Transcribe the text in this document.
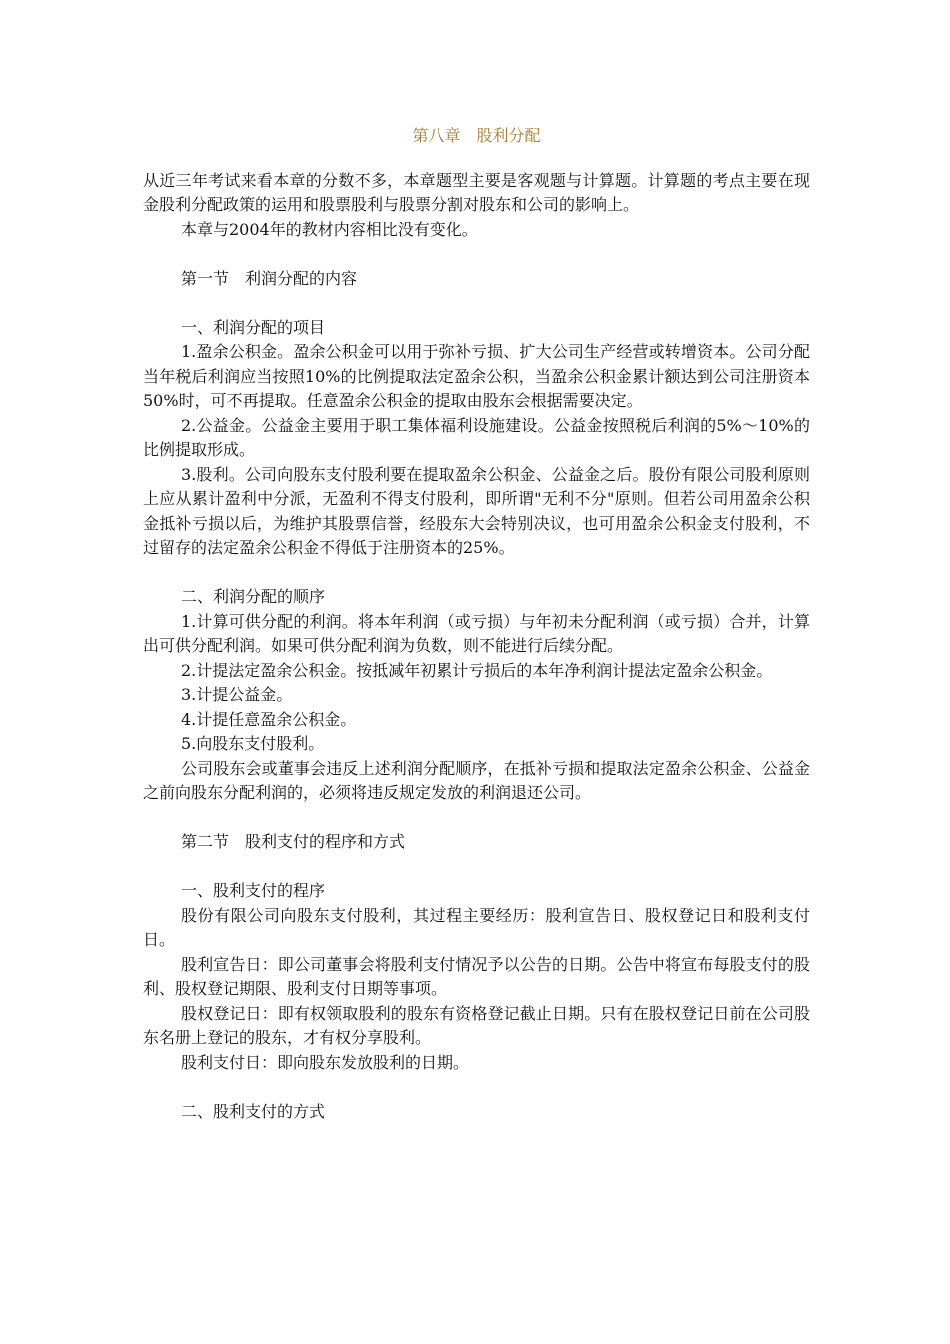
第八章　股利分配

从近三年考试来看本章的分数不多，本章题型主要是客观题与计算题。计算题的考点主要在现金股利分配政策的运用和股票股利与股票分割对股东和公司的影响上。

本章与2004年的教材内容相比没有变化。

第一节　利润分配的内容

一、利润分配的项目

1.盈余公积金。盈余公积金可以用于弥补亏损、扩大公司生产经营或转增资本。公司分配当年税后利润应当按照10%的比例提取法定盈余公积，当盈余公积金累计额达到公司注册资本50%时，可不再提取。任意盈余公积金的提取由股东会根据需要决定。

2.公益金。公益金主要用于职工集体福利设施建设。公益金按照税后利润的5%～10%的比例提取形成。

3.股利。公司向股东支付股利要在提取盈余公积金、公益金之后。股份有限公司股利原则上应从累计盈利中分派，无盈利不得支付股利，即所谓"无利不分"原则。但若公司用盈余公积金抵补亏损以后，为维护其股票信誉，经股东大会特别决议，也可用盈余公积金支付股利，不过留存的法定盈余公积金不得低于注册资本的25%。

二、利润分配的顺序

1.计算可供分配的利润。将本年利润（或亏损）与年初未分配利润（或亏损）合并，计算出可供分配利润。如果可供分配利润为负数，则不能进行后续分配。

2.计提法定盈余公积金。按抵减年初累计亏损后的本年净利润计提法定盈余公积金。

3.计提公益金。

4.计提任意盈余公积金。

5.向股东支付股利。

公司股东会或董事会违反上述利润分配顺序，在抵补亏损和提取法定盈余公积金、公益金之前向股东分配利润的，必须将违反规定发放的利润退还公司。

第二节　股利支付的程序和方式

一、股利支付的程序

股份有限公司向股东支付股利，其过程主要经历：股利宣告日、股权登记日和股利支付日。

股利宣告日：即公司董事会将股利支付情况予以公告的日期。公告中将宣布每股支付的股利、股权登记期限、股利支付日期等事项。

股权登记日：即有权领取股利的股东有资格登记截止日期。只有在股权登记日前在公司股东名册上登记的股东，才有权分享股利。

股利支付日：即向股东发放股利的日期。

二、股利支付的方式
